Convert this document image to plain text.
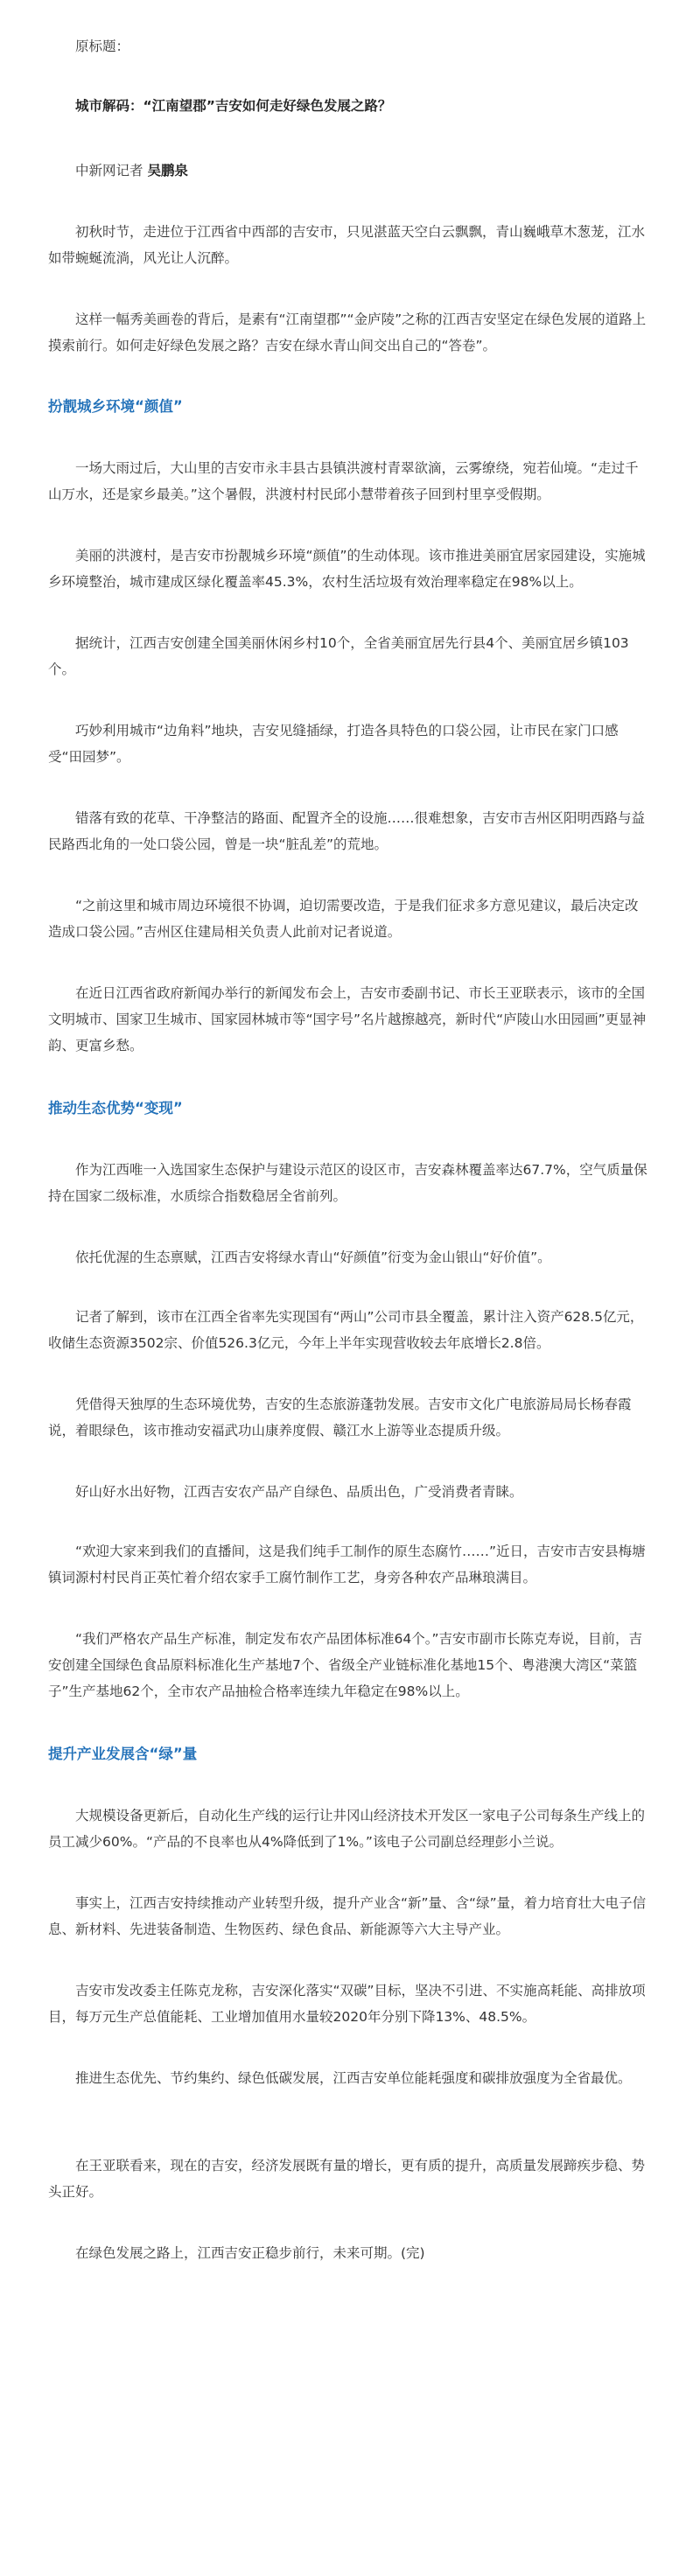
原标题：

城市解码：“江南望郡”吉安如何走好绿色发展之路？

中新网记者 吴鹏泉

初秋时节，走进位于江西省中西部的吉安市，只见湛蓝天空白云飘飘，青山巍峨草木葱茏，江水如带蜿蜒流淌，风光让人沉醉。

这样一幅秀美画卷的背后，是素有“江南望郡”“金庐陵”之称的江西吉安坚定在绿色发展的道路上摸索前行。如何走好绿色发展之路？吉安在绿水青山间交出自己的“答卷”。

扮靓城乡环境“颜值”

一场大雨过后，大山里的吉安市永丰县古县镇洪渡村青翠欲滴，云雾缭绕，宛若仙境。“走过千山万水，还是家乡最美。”这个暑假，洪渡村村民邱小慧带着孩子回到村里享受假期。

美丽的洪渡村，是吉安市扮靓城乡环境“颜值”的生动体现。该市推进美丽宜居家园建设，实施城乡环境整治，城市建成区绿化覆盖率45.3%，农村生活垃圾有效治理率稳定在98%以上。

据统计，江西吉安创建全国美丽休闲乡村10个，全省美丽宜居先行县4个、美丽宜居乡镇103个。

巧妙利用城市“边角料”地块，吉安见缝插绿，打造各具特色的口袋公园，让市民在家门口感受“田园梦”。

错落有致的花草、干净整洁的路面、配置齐全的设施……很难想象，吉安市吉州区阳明西路与益民路西北角的一处口袋公园，曾是一块“脏乱差”的荒地。

“之前这里和城市周边环境很不协调，迫切需要改造，于是我们征求多方意见建议，最后决定改造成口袋公园。”吉州区住建局相关负责人此前对记者说道。

在近日江西省政府新闻办举行的新闻发布会上，吉安市委副书记、市长王亚联表示，该市的全国文明城市、国家卫生城市、国家园林城市等“国字号”名片越擦越亮，新时代“庐陵山水田园画”更显神韵、更富乡愁。

推动生态优势“变现”

作为江西唯一入选国家生态保护与建设示范区的设区市，吉安森林覆盖率达67.7%，空气质量保持在国家二级标准，水质综合指数稳居全省前列。

依托优渥的生态禀赋，江西吉安将绿水青山“好颜值”衍变为金山银山“好价值”。

记者了解到，该市在江西全省率先实现国有“两山”公司市县全覆盖，累计注入资产628.5亿元，收储生态资源3502宗、价值526.3亿元，今年上半年实现营收较去年底增长2.8倍。

凭借得天独厚的生态环境优势，吉安的生态旅游蓬勃发展。吉安市文化广电旅游局局长杨春霞说，着眼绿色，该市推动安福武功山康养度假、赣江水上游等业态提质升级。

好山好水出好物，江西吉安农产品产自绿色、品质出色，广受消费者青睐。

“欢迎大家来到我们的直播间，这是我们纯手工制作的原生态腐竹……”近日，吉安市吉安县梅塘镇词源村村民肖正英忙着介绍农家手工腐竹制作工艺，身旁各种农产品琳琅满目。

“我们严格农产品生产标准，制定发布农产品团体标准64个。”吉安市副市长陈克寿说，目前，吉安创建全国绿色食品原料标准化生产基地7个、省级全产业链标准化基地15个、粤港澳大湾区“菜篮子”生产基地62个，全市农产品抽检合格率连续九年稳定在98%以上。

提升产业发展含“绿”量

大规模设备更新后，自动化生产线的运行让井冈山经济技术开发区一家电子公司每条生产线上的员工减少60%。“产品的不良率也从4%降低到了1%。”该电子公司副总经理彭小兰说。

事实上，江西吉安持续推动产业转型升级，提升产业含“新”量、含“绿”量，着力培育壮大电子信息、新材料、先进装备制造、生物医药、绿色食品、新能源等六大主导产业。

吉安市发改委主任陈克龙称，吉安深化落实“双碳”目标，坚决不引进、不实施高耗能、高排放项目，每万元生产总值能耗、工业增加值用水量较2020年分别下降13%、48.5%。

推进生态优先、节约集约、绿色低碳发展，江西吉安单位能耗强度和碳排放强度为全省最优。

在王亚联看来，现在的吉安，经济发展既有量的增长，更有质的提升，高质量发展蹄疾步稳、势头正好。

在绿色发展之路上，江西吉安正稳步前行，未来可期。(完)
